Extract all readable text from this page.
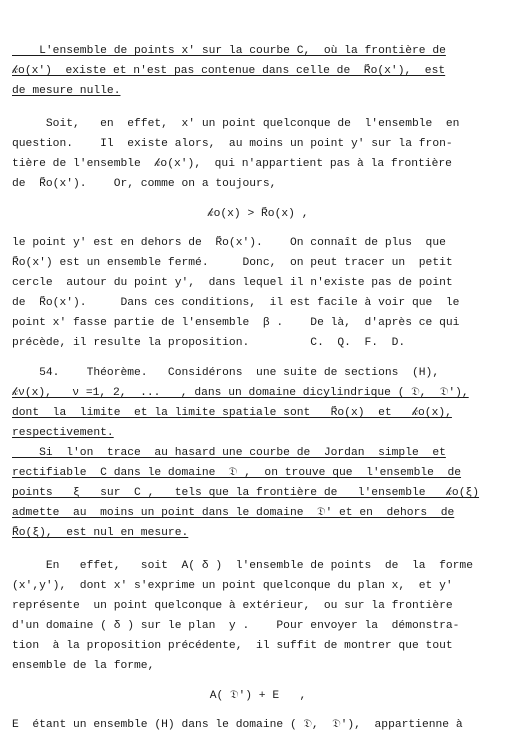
L'ensemble de points x' sur la courbe C,  où la frontière de
𝓀o(x')  existe et n'est pas contenue dans celle de  R̃o(x'),  est
de mesure nulle.
Soit,   en  effet,  x' un point quelconque de  l'ensemble  en
question.    Il  existe alors,  au moins un point y' sur la fron-
tière de l'ensemble  𝓀o(x'),  qui n'appartient pas à la frontière
de  R̃o(x').    Or, comme on a toujours,
𝓀o(x) > R̃o(x) ,
le point y' est en dehors de  R̃o(x').    On connaît de plus  que
R̃o(x') est un ensemble fermé.     Donc,  on peut tracer un  petit
cercle  autour du point y',  dans lequel il n'existe pas de point
de  R̃o(x').     Dans ces conditions,  il est facile à voir que  le
point x' fasse partie de l'ensemble  β .    De là,  d'après ce qui
précède, il resulte la proposition.         C.  Q.  F.  D.
54.    Théorème.   Considérons  une suite de sections  (H),
𝓀ν(x),   ν =1, 2,  ...   , dans un domaine dicylindrique ( 𝔇,  𝔇'),
dont  la  limite  et la limite spatiale sont   R̃o(x)  et   𝓀o(x),
respectivement.
Si  l'on  trace  au hasard une courbe de  Jordan  simple  et
rectifiable  C dans le domaine  𝔇 ,  on trouve que  l'ensemble  de
points   ξ   sur  C ,   tels que la frontière de   l'ensemble   𝓀o(ξ)
admette  au  moins un point dans le domaine  𝔇' et en  dehors  de
R̃o(ξ),  est nul en mesure.
En   effet,   soit  A( δ )  l'ensemble de points  de  la  forme
(x',y'),  dont x' s'exprime un point quelconque du plan x,  et y'
représente  un point quelconque à extérieur,  ou sur la frontière
d'un domaine ( δ ) sur le plan  y .    Pour envoyer la  démonstra-
tion  à la proposition précédente,  il suffit de montrer que tout
ensemble de la forme,
A( 𝔇') + E   ,
E  étant un ensemble (H) dans le domaine ( 𝔇,  𝔇'),  appartienne à
